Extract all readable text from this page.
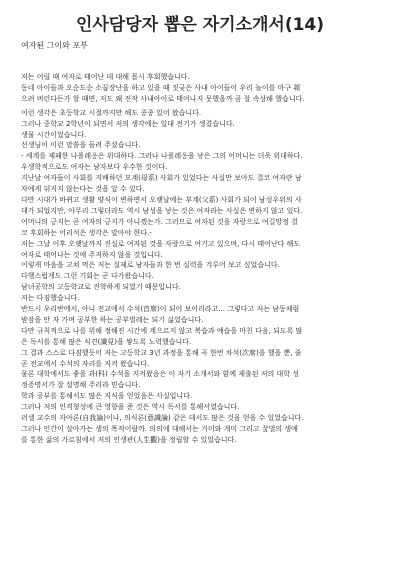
인사담당자 뽑은 자기소개서(14)
여자된 그이와 포부

저는 어릴 때 여자로 태어난 데 대해 몹시 후회했습니다.

동네 아이들과 오순도순 소꿉장난을 하고 있을 때 짓궂은 사내 아이들이 우리 놀이를 마구 훼

으려 버린다든가 할 때면, 저도 왜 진작 사내아이로 태어나지 못했을까 곰 잘 속상해 했습니다.

이런 생각은 초등학교 시절까지만 해도 종종 있어 왔습니다.

그러나 중학교 2학년이 되면서 저의 생각에는 일대 전기가 생겼습니다.

생물 시간이었습니다.

선생님이 이런 말씀을 들려 주셨습니다.

- 세계를 제패한 나폴레옹은 위대하다. 그러나 나폴레옹을 낳은 그의 어머니는 더욱 위대하다.

우생학적으로도 여자는 남자보다 우수한 것이다.

지난날 여자들이 사회를 지배하던 모계(母系) 사회가 있었다는 사실만 보아도 결코 여자란 남

자에게 뒤지지 않는다는 것을 알 수 있다.

다만 시대가 바뀌고 생활 양식이 변하면서 오랫날에는 부계(父系) 사회가 되어 남성우위의 사

대가 되었지만, 아무리 그렇더라도 역시 남성을 낳는 것은 여자라는 사실은 변하지 않고 있다.

어머니의 긍지는 곧 여자의 긍지가 아니겠는가. 그러므로 여자된 것을 자랑으로 여길망정 결

코 후회하는 어리석은 생각은 말아야 한다.-

저는 그날 이후 오랫날까지 진실로 여자된 것을 자랑으로 여기고 있으며, 다시 태어난다 해도

여자로 태어나는 것에 주저하지 않을 것입니다.

이렇게 마음을 고쳐 먹은 저는 실제로 남자들과 한 번 실력을 겨루어 보고 싶었습니다.

다행스럽게도 그런 기회는 곧 다가왔습니다.

남녀공학의 고등학교로 진학하게 되었기 때문입니다.

저는 다짐했습니다.

반드시 우리반에서, 아니 전교에서 수석(首席)이 되어 보이리라고... 그렇다고 저는 남동체럼

밤잠을 안 자 가며 공부한 하는 공부벌레는 되기 싫었습니다.

다만 규칙적으로 나를 위해 정해진 시간에 계으르지 않고 복습과 예습을 마친 다음, 되도록 많

은 독서를 통해 많은 식견(識見)을 쌓도록 노력했습니다.

그 결과 스스로 다짐했듯이 저는 고등학교 3년 과정을 통해 곡 한번 차석(次席)을 했을 뿐, 줄

곧 전교에서 수석의 자리를 지켜 왔습니다.

물론 대학에서도 좋을 과(科) 수석을 지켜왔음은 이 자기 소개서와 함께 제출된 저의 대학 성

정증명서가 잘 설명해 주리라 믿습니다.

학과 공부를 통해서도 많은 지식을 얻었음은 사실입니다.

그러나 저의 인격형성에 큰 영향을 준 것은 역시 독서를 통해서였습니다.

러셀 교수의 자아론(自我論)이나, 의식론(意識論) 같은 데서도 많은 것을 얻을 수 있었습니다.

그러나 인간이 살아가는 생의 목적이랄까. 의의에 대해서는 거미와 개미 그리고 꿀벌의 생애

를 통한 삶의 가르침에서 저의 인생관(人生觀)을 정립할 수 있었습니다.
